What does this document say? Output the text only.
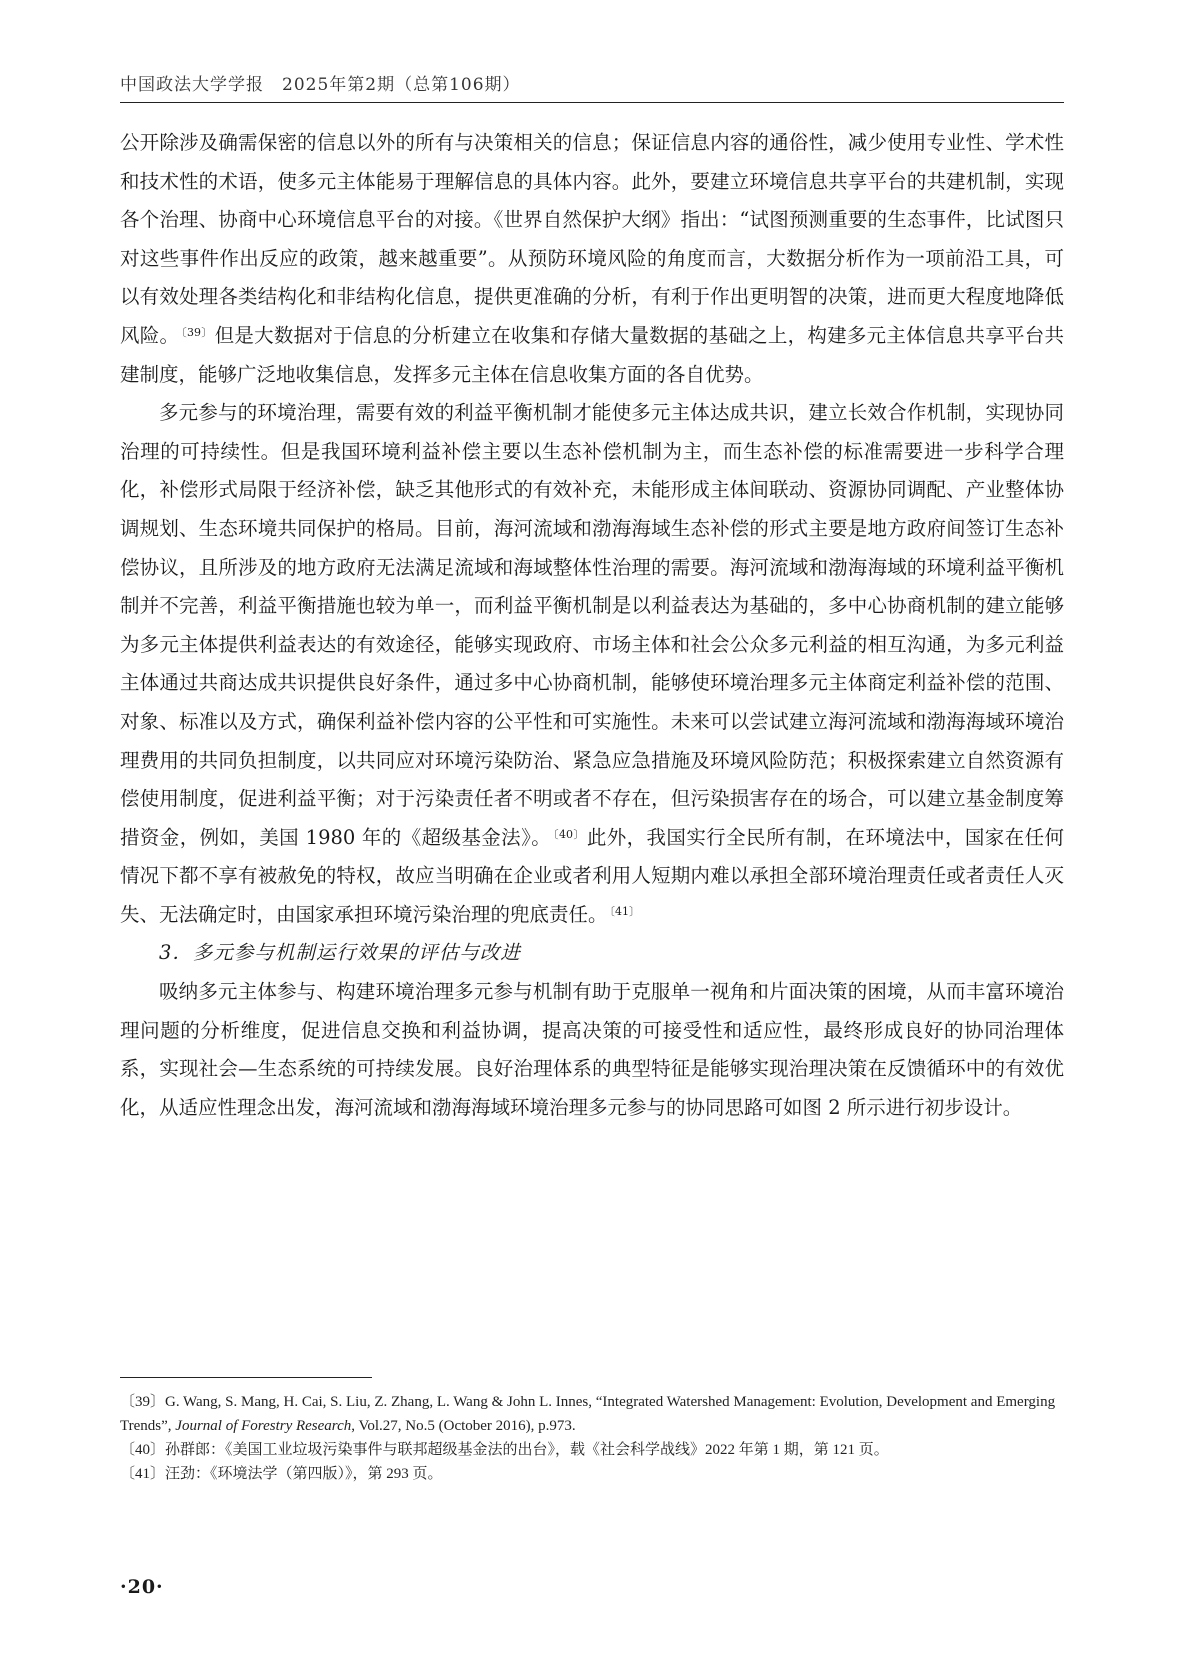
中国政法大学学报　2025年第2期（总第106期）

公开除涉及确需保密的信息以外的所有与决策相关的信息；保证信息内容的通俗性，减少使用专业性、学术性和技术性的术语，使多元主体能易于理解信息的具体内容。此外，要建立环境信息共享平台的共建机制，实现各个治理、协商中心环境信息平台的对接。《世界自然保护大纲》指出：“试图预测重要的生态事件，比试图只对这些事件作出反应的政策，越来越重要”。从预防环境风险的角度而言，大数据分析作为一项前沿工具，可以有效处理各类结构化和非结构化信息，提供更准确的分析，有利于作出更明智的决策，进而更大程度地降低风险。 $^{〔39〕}$ 但是大数据对于信息的分析建立在收集和存储大量数据的基础之上，构建多元主体信息共享平台共建制度，能够广泛地收集信息，发挥多元主体在信息收集方面的各自优势。

多元参与的环境治理，需要有效的利益平衡机制才能使多元主体达成共识，建立长效合作机制，实现协同治理的可持续性。但是我国环境利益补偿主要以生态补偿机制为主，而生态补偿的标准需要进一步科学合理化，补偿形式局限于经济补偿，缺乏其他形式的有效补充，未能形成主体间联动、资源协同调配、产业整体协调规划、生态环境共同保护的格局。目前，海河流域和渤海海域生态补偿的形式主要是地方政府间签订生态补偿协议，且所涉及的地方政府无法满足流域和海域整体性治理的需要。海河流域和渤海海域的环境利益平衡机制并不完善，利益平衡措施也较为单一，而利益平衡机制是以利益表达为基础的，多中心协商机制的建立能够为多元主体提供利益表达的有效途径，能够实现政府、市场主体和社会公众多元利益的相互沟通，为多元利益主体通过共商达成共识提供良好条件，通过多中心协商机制，能够使环境治理多元主体商定利益补偿的范围、对象、标准以及方式，确保利益补偿内容的公平性和可实施性。未来可以尝试建立海河流域和渤海海域环境治理费用的共同负担制度，以共同应对环境污染防治、紧急应急措施及环境风险防范；积极探索建立自然资源有偿使用制度，促进利益平衡；对于污染责任者不明或者不存在，但污染损害存在的场合，可以建立基金制度筹措资金，例如，美国 1980 年的《超级基金法》。 $^{〔40〕}$ 此外，我国实行全民所有制，在环境法中，国家在任何情况下都不享有被赦免的特权，故应当明确在企业或者利用人短期内难以承担全部环境治理责任或者责任人灭失、无法确定时，由国家承担环境污染治理的兜底责任。 $^{〔41〕}$

3．多元参与机制运行效果的评估与改进

吸纳多元主体参与、构建环境治理多元参与机制有助于克服单一视角和片面决策的困境，从而丰富环境治理问题的分析维度，促进信息交换和利益协调，提高决策的可接受性和适应性，最终形成良好的协同治理体系，实现社会—生态系统的可持续发展。良好治理体系的典型特征是能够实现治理决策在反馈循环中的有效优化，从适应性理念出发，海河流域和渤海海域环境治理多元参与的协同思路可如图 2 所示进行初步设计。

〔39〕G. Wang, S. Mang, H. Cai, S. Liu, Z. Zhang, L. Wang & John L. Innes, “Integrated Watershed Management: Evolution, Development and Emerging Trends”, Journal of Forestry Research, Vol.27, No.5 (October 2016), p.973.

〔40〕孙群郎：《美国工业垃圾污染事件与联邦超级基金法的出台》，载《社会科学战线》2022 年第 1 期，第 121 页。

〔41〕汪劲：《环境法学（第四版）》，第 293 页。

·20·
